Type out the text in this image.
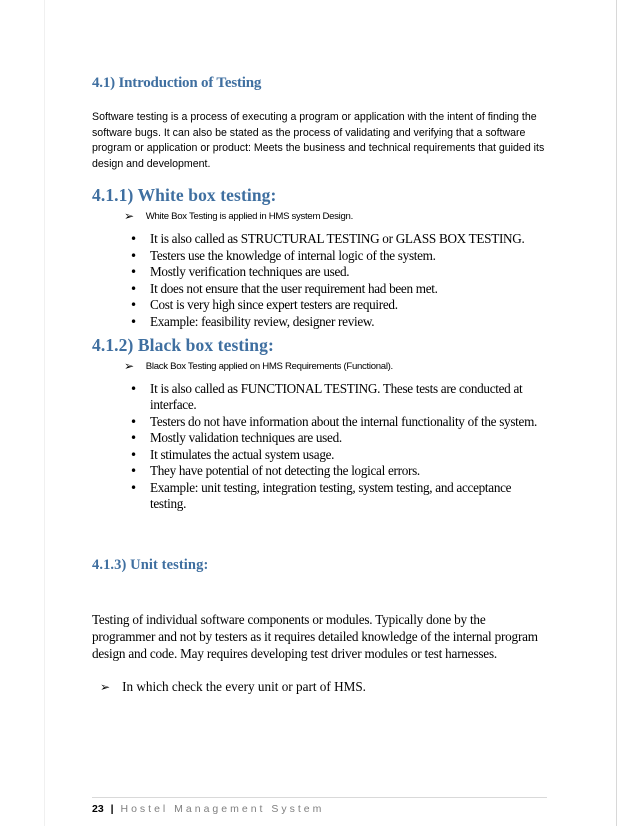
4.1) Introduction of Testing

Software testing is a process of executing a program or application with the intent of finding the software bugs. It can also be stated as the process of validating and verifying that a software program or application or product: Meets the business and technical requirements that guided its design and development.

4.1.1) White box testing:
➢ White Box Testing is applied in HMS system Design.
• It is also called as STRUCTURAL TESTING or GLASS BOX TESTING.
• Testers use the knowledge of internal logic of the system.
• Mostly verification techniques are used.
• It does not ensure that the user requirement had been met.
• Cost is very high since expert testers are required.
• Example: feasibility review, designer review.
4.1.2) Black box testing:
➢ Black Box Testing applied on HMS Requirements (Functional).
• It is also called as FUNCTIONAL TESTING. These tests are conducted at interface.
• Testers do not have information about the internal functionality of the system.
• Mostly validation techniques are used.
• It stimulates the actual system usage.
• They have potential of not detecting the logical errors.
• Example: unit testing, integration testing, system testing, and acceptance testing.
4.1.3) Unit testing:

Testing of individual software components or modules. Typically done by the programmer and not by testers as it requires detailed knowledge of the internal program design and code. May requires developing test driver modules or test harnesses.

➢ In which check the every unit or part of HMS.
23 | Hostel Management System
